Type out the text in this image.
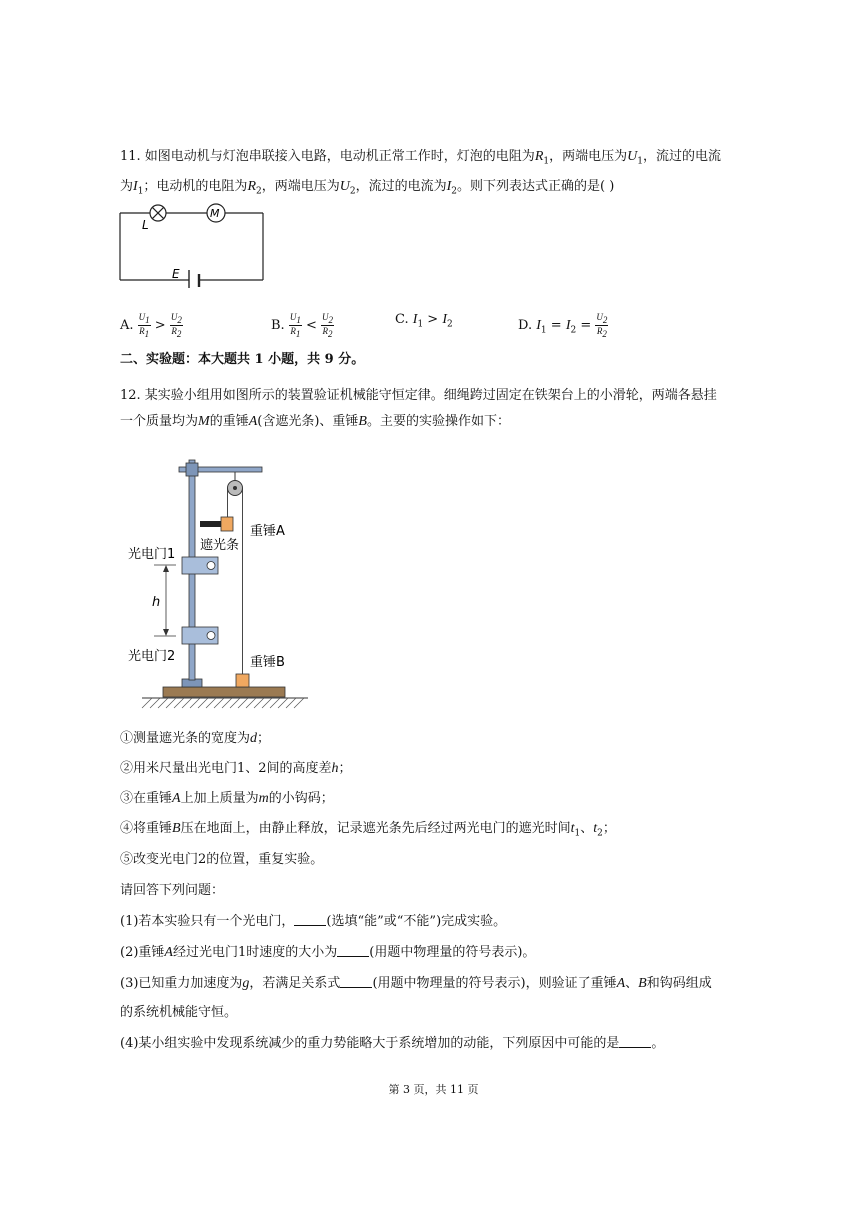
11. 如图电动机与灯泡串联接入电路，电动机正常工作时，灯泡的电阻为$R_1$，两端电压为$U_1$，流过的电流
为$I_1$；电动机的电阻为$R_2$，两端电压为$U_2$，流过的电流为$I_2$。则下列表达式正确的是( )
L
M
E
A. $\frac{U_1}{R_1} > \frac{U_2}{R_2}$	B. $\frac{U_1}{R_1} < \frac{U_2}{R_2}$	C. $I_1 > I_2$	D. $I_1 = I_2 = \frac{U_2}{R_2}$
二、实验题：本大题共 1 小题，共 9 分。
12. 某实验小组用如图所示的装置验证机械能守恒定律。细绳跨过固定在铁架台上的小滑轮，两端各悬挂
一个质量均为M的重锤A(含遮光条)、重锤B。主要的实验操作如下：
重锤A
遮光条
光电门1
h
光电门2	重锤B
①测量遮光条的宽度为d；
②用米尺量出光电门1、2间的高度差h；
③在重锤A上加上质量为m的小钩码；
④将重锤B压在地面上，由静止释放，记录遮光条先后经过两光电门的遮光时间$t_1$、$t_2$；
⑤改变光电门2的位置，重复实验。
请回答下列问题：
(1)若本实验只有一个光电门， (选填“能”或“不能”)完成实验。
(2)重锤A经过光电门1时速度的大小为 (用题中物理量的符号表示)。
(3)已知重力加速度为g，若满足关系式 (用题中物理量的符号表示)，则验证了重锤A、B和钩码组成
的系统机械能守恒。
(4)某小组实验中发现系统减少的重力势能略大于系统增加的动能，下列原因中可能的是 。
第 3 页，共 11 页
